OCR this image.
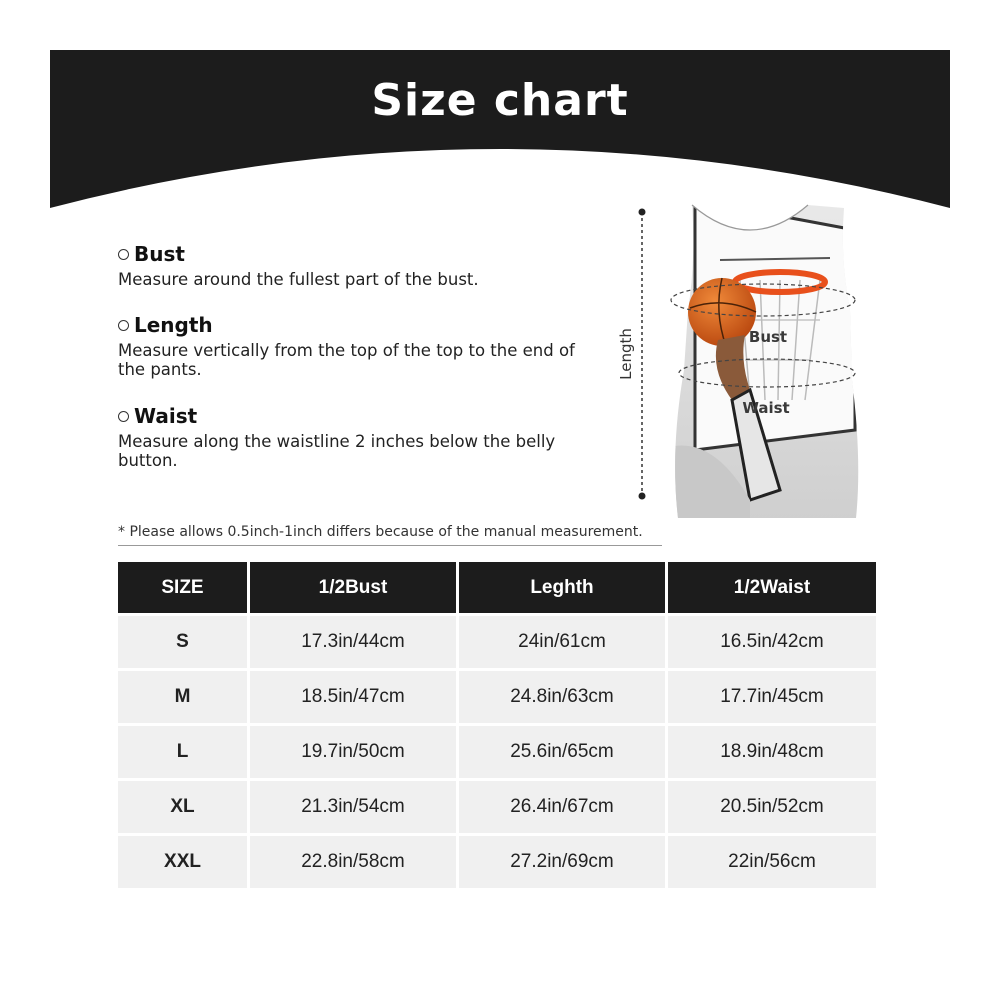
Size chart
Bust
Measure around the fullest part of the bust.
Length
Measure vertically from the top of the top to the end of the pants.
Waist
Measure along the waistline 2 inches below the belly button.
* Please allows 0.5inch-1inch differs because of the manual measurement.
Bust
Waist
Length
SIZE	1/2Bust	Leghth	1/2Waist
S	17.3in/44cm	24in/61cm	16.5in/42cm
M	18.5in/47cm	24.8in/63cm	17.7in/45cm
L	19.7in/50cm	25.6in/65cm	18.9in/48cm
XL	21.3in/54cm	26.4in/67cm	20.5in/52cm
XXL	22.8in/58cm	27.2in/69cm	22in/56cm
